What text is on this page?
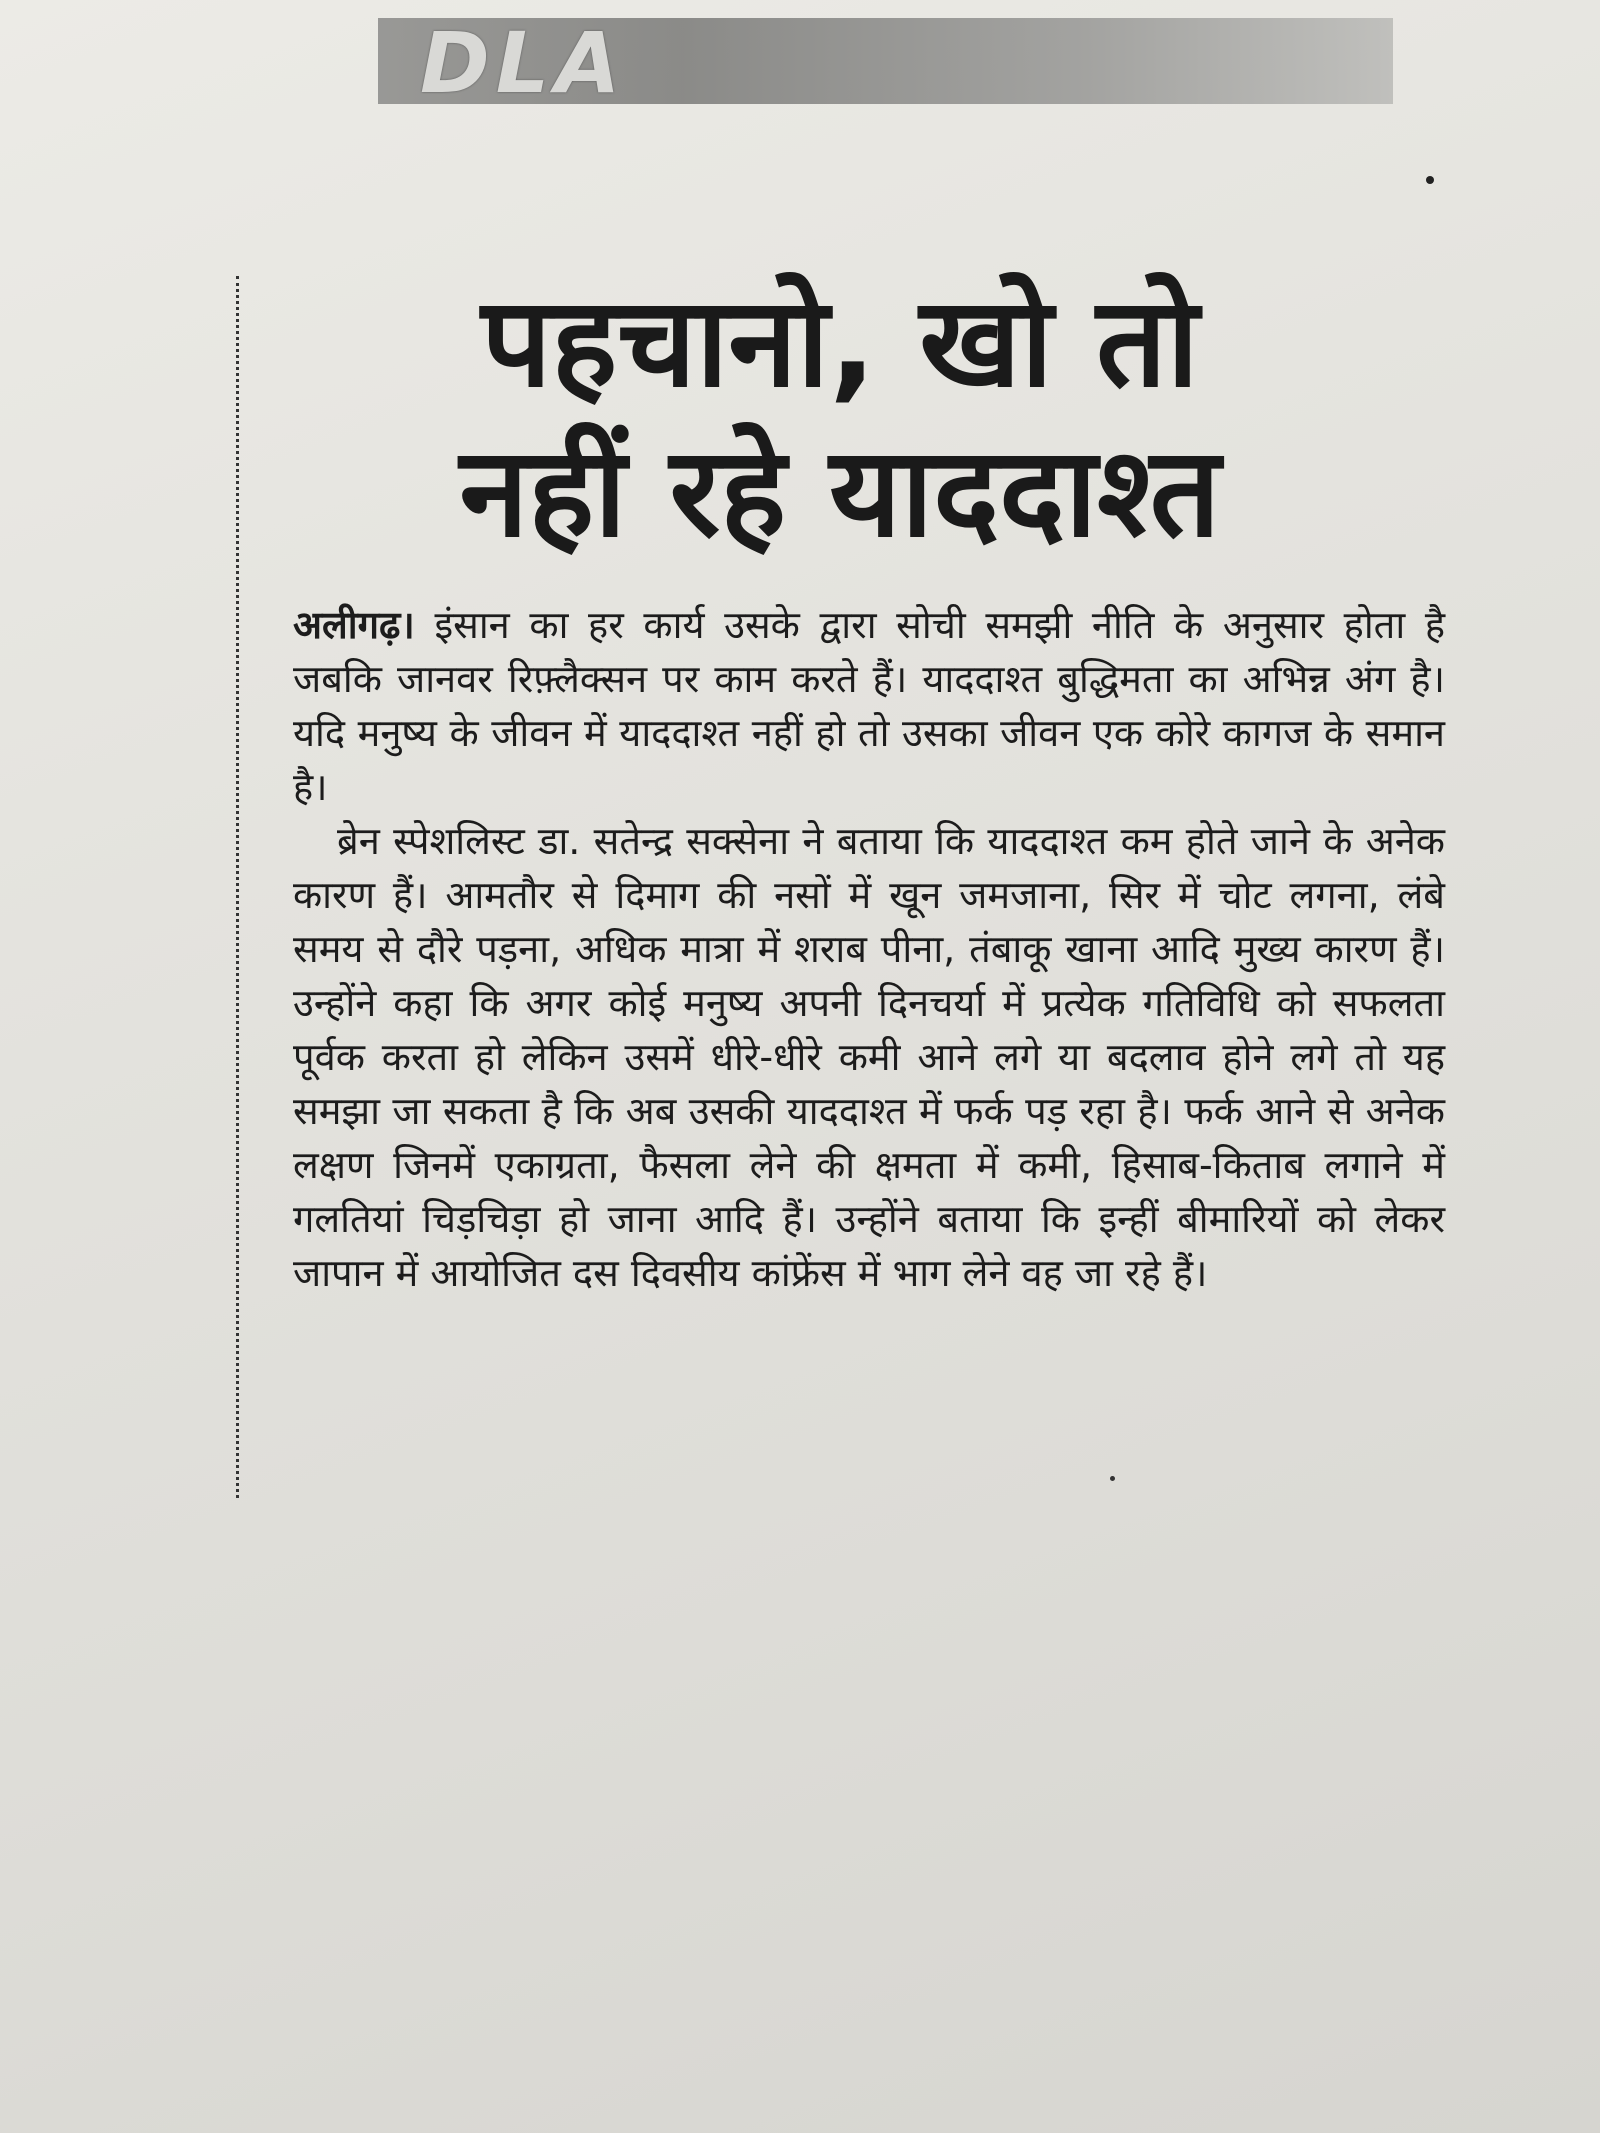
DLA
पहचानो, खो तो
नहीं रहे याददाश्त

अलीगढ़। इंसान का हर कार्य उसके द्वारा सोची समझी नीति के अनुसार होता है जबकि जानवर रिफ़्लैक्सन पर काम करते हैं। याददाश्त बुद्धिमता का अभिन्न अंग है। यदि मनुष्य के जीवन में याददाश्त नहीं हो तो उसका जीवन एक कोरे कागज के समान है।

ब्रेन स्पेशलिस्ट डा. सतेन्द्र सक्सेना ने बताया कि याददाश्त कम होते जाने के अनेक कारण हैं। आमतौर से दिमाग की नसों में खून जमजाना, सिर में चोट लगना, लंबे समय से दौरे पड़ना, अधिक मात्रा में शराब पीना, तंबाकू खाना आदि मुख्य कारण हैं। उन्होंने कहा कि अगर कोई मनुष्य अपनी दिनचर्या में प्रत्येक गतिविधि को सफलता पूर्वक करता हो लेकिन उसमें धीरे-धीरे कमी आने लगे या बदलाव होने लगे तो यह समझा जा सकता है कि अब उसकी याददाश्त में फर्क पड़ रहा है। फर्क आने से अनेक लक्षण जिनमें एकाग्रता, फैसला लेने की क्षमता में कमी, हिसाब-किताब लगाने में गलतियां चिड़चिड़ा हो जाना आदि हैं। उन्होंने बताया कि इन्हीं बीमारियों को लेकर जापान में आयोजित दस दिवसीय कांफ्रेंस में भाग लेने वह जा रहे हैं।
